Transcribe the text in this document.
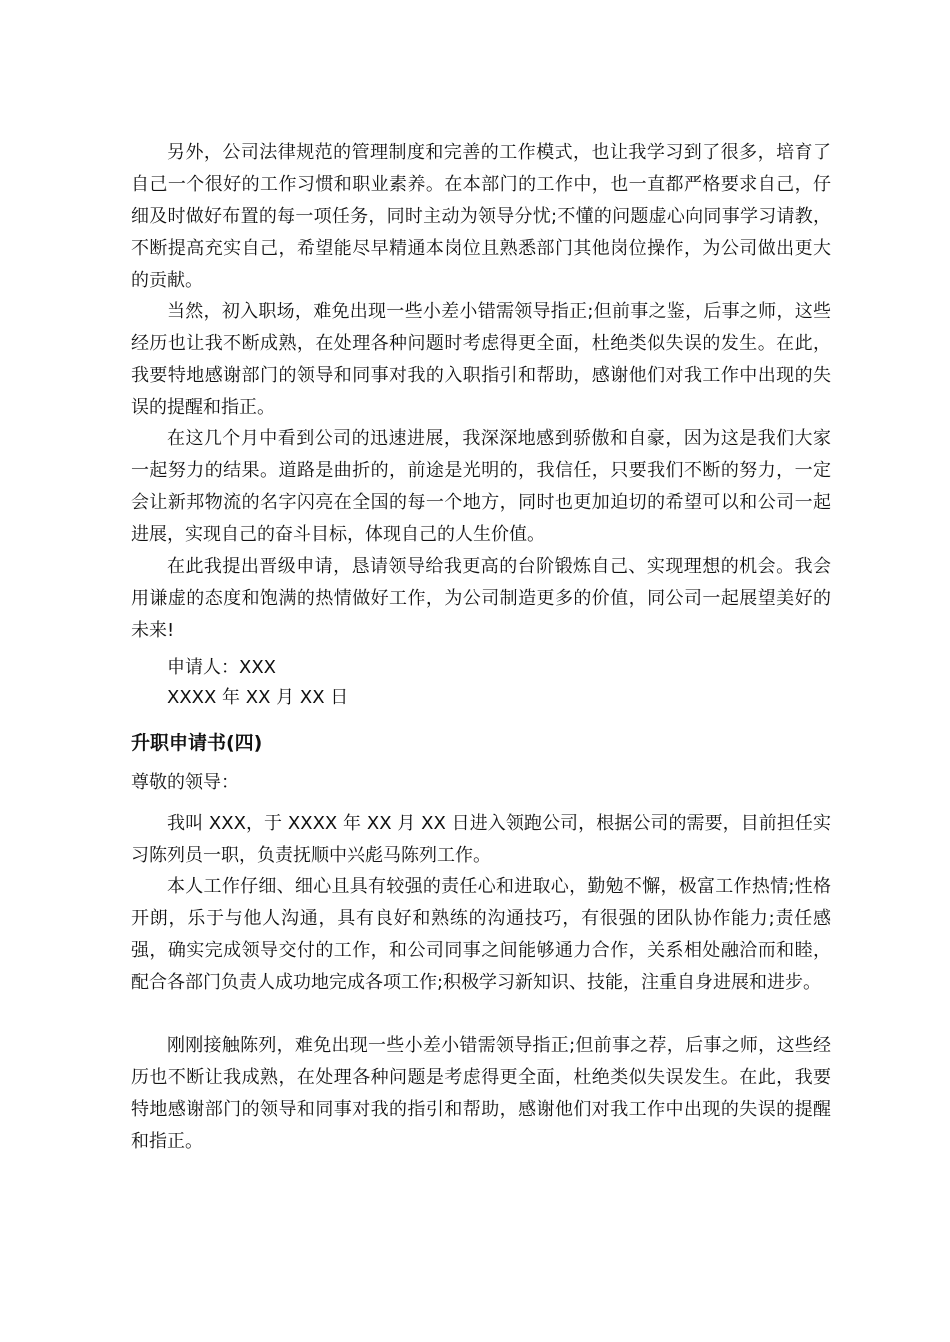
另外，公司法律规范的管理制度和完善的工作模式，也让我学习到了很多，培育了自己一个很好的工作习惯和职业素养。在本部门的工作中，也一直都严格要求自己，仔细及时做好布置的每一项任务，同时主动为领导分忧;不懂的问题虚心向同事学习请教，不断提高充实自己，希望能尽早精通本岗位且熟悉部门其他岗位操作，为公司做出更大的贡献。

当然，初入职场，难免出现一些小差小错需领导指正;但前事之鉴，后事之师，这些经历也让我不断成熟，在处理各种问题时考虑得更全面，杜绝类似失误的发生。在此，我要特地感谢部门的领导和同事对我的入职指引和帮助，感谢他们对我工作中出现的失误的提醒和指正。

在这几个月中看到公司的迅速进展，我深深地感到骄傲和自豪，因为这是我们大家一起努力的结果。道路是曲折的，前途是光明的，我信任，只要我们不断的努力，一定会让新邦物流的名字闪亮在全国的每一个地方，同时也更加迫切的希望可以和公司一起进展，实现自己的奋斗目标，体现自己的人生价值。

在此我提出晋级申请，恳请领导给我更高的台阶锻炼自己、实现理想的机会。我会用谦虚的态度和饱满的热情做好工作，为公司制造更多的价值，同公司一起展望美好的未来!

申请人：XXX

XXXX 年 XX 月 XX 日

升职申请书(四)

尊敬的领导：

我叫 XXX，于 XXXX 年 XX 月 XX 日进入领跑公司，根据公司的需要，目前担任实习陈列员一职，负责抚顺中兴彪马陈列工作。

本人工作仔细、细心且具有较强的责任心和进取心，勤勉不懈，极富工作热情;性格开朗，乐于与他人沟通，具有良好和熟练的沟通技巧，有很强的团队协作能力;责任感强，确实完成领导交付的工作，和公司同事之间能够通力合作，关系相处融洽而和睦，配合各部门负责人成功地完成各项工作;积极学习新知识、技能，注重自身进展和进步。

刚刚接触陈列，难免出现一些小差小错需领导指正;但前事之荐，后事之师，这些经历也不断让我成熟，在处理各种问题是考虑得更全面，杜绝类似失误发生。在此，我要特地感谢部门的领导和同事对我的指引和帮助，感谢他们对我工作中出现的失误的提醒和指正。
